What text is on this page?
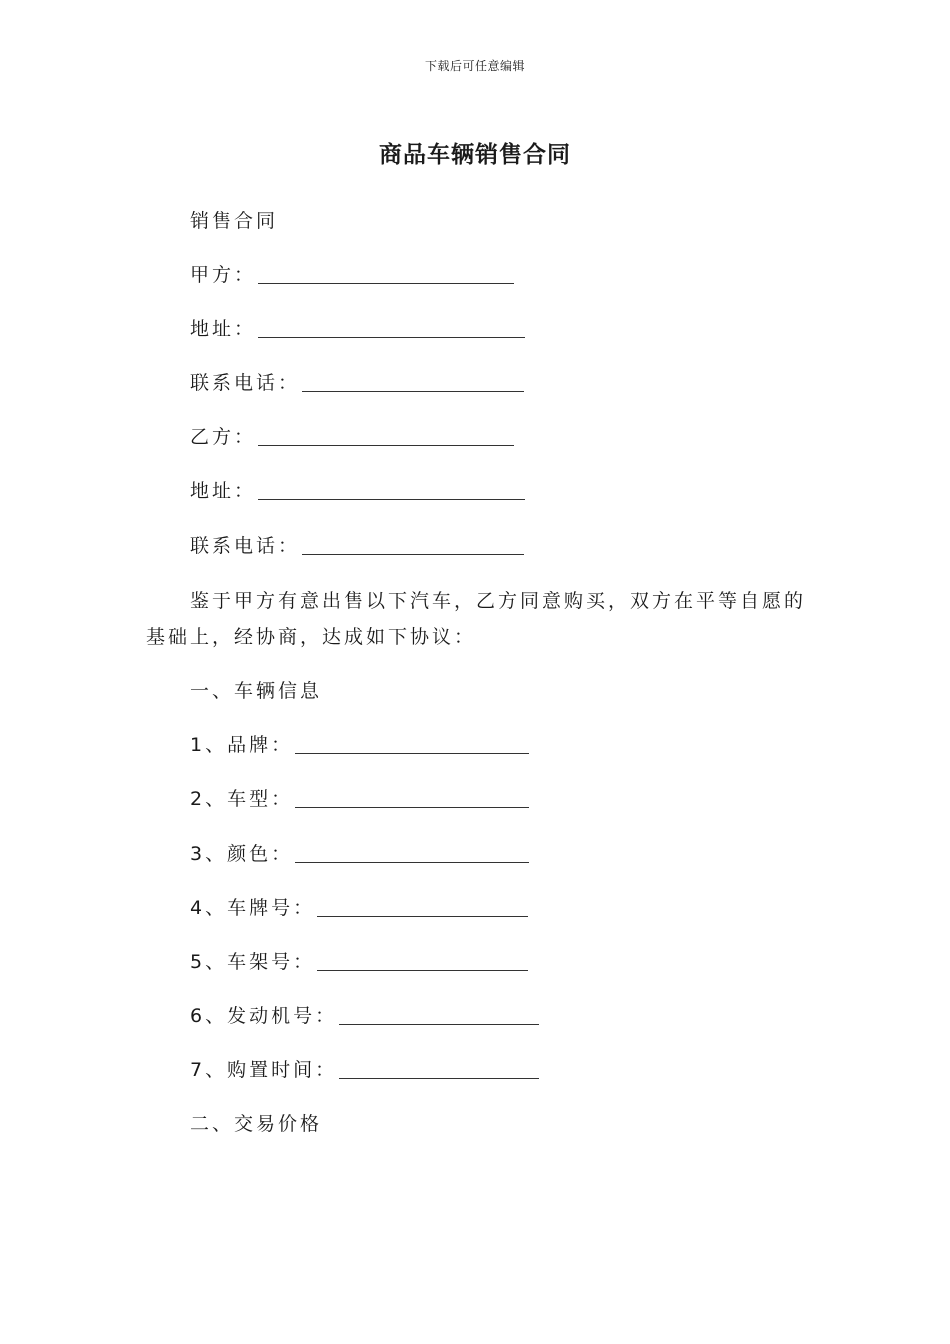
下载后可任意编辑
商品车辆销售合同
销售合同
甲方：
地址：
联系电话：
乙方：
地址：
联系电话：
鉴于甲方有意出售以下汽车，乙方同意购买，双方在平等自愿的基础上，经协商，达成如下协议：
一、车辆信息
1、品牌：
2、车型：
3、颜色：
4、车牌号：
5、车架号：
6、发动机号：
7、购置时间：
二、交易价格
